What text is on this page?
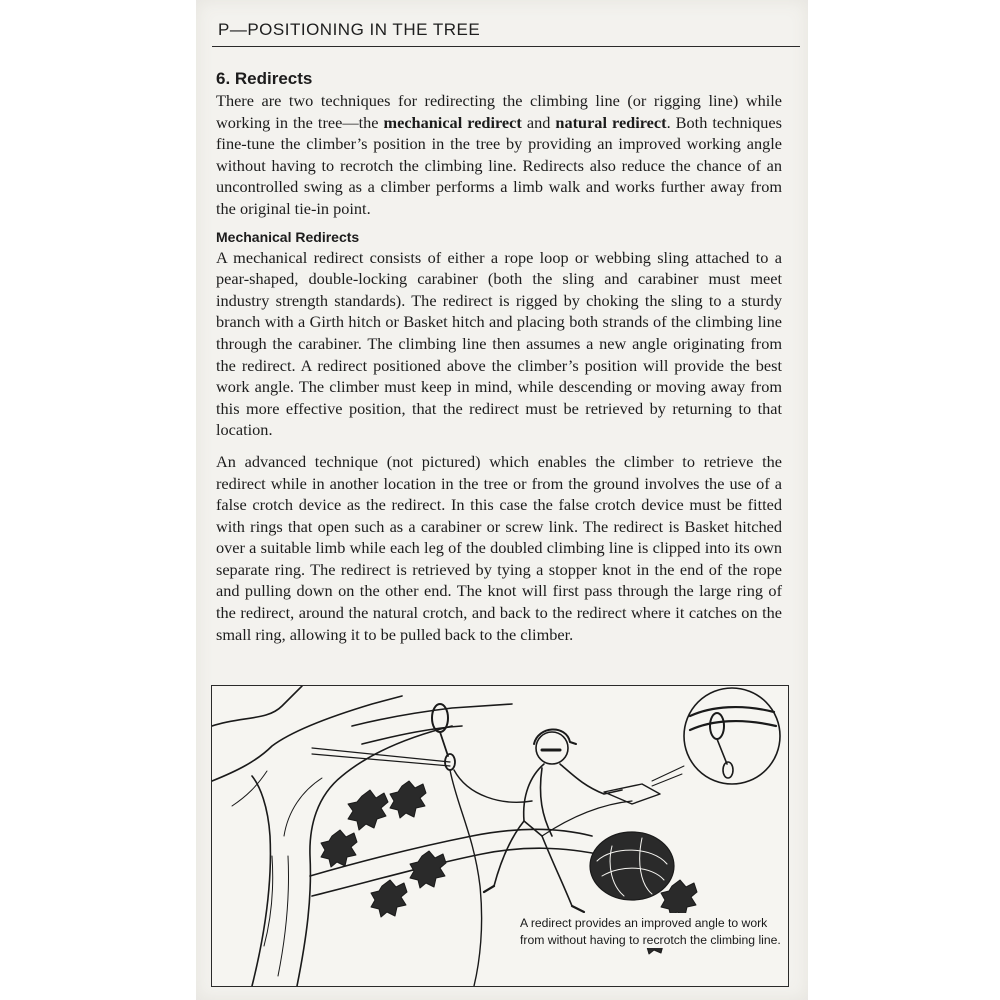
P—POSITIONING IN THE TREE
6. Redirects

There are two techniques for redirecting the climbing line (or rigging line) while working in the tree—the mechanical redirect and natural redirect. Both techniques fine-tune the climber’s position in the tree by providing an improved working angle without having to recrotch the climbing line. Redirects also reduce the chance of an uncontrolled swing as a climber performs a limb walk and works further away from the original tie-in point.

Mechanical Redirects

A mechanical redirect consists of either a rope loop or webbing sling attached to a pear-shaped, double-locking carabiner (both the sling and carabiner must meet industry strength standards). The redirect is rigged by choking the sling to a sturdy branch with a Girth hitch or Basket hitch and placing both strands of the climbing line through the carabiner. The climbing line then assumes a new angle originating from the redirect. A redirect positioned above the climber’s position will provide the best work angle. The climber must keep in mind, while descending or moving away from this more effective position, that the redirect must be retrieved by returning to that location.

An advanced technique (not pictured) which enables the climber to retrieve the redirect while in another location in the tree or from the ground involves the use of a false crotch device as the redirect. In this case the false crotch device must be fitted with rings that open such as a carabiner or screw link. The redirect is Basket hitched over a suitable limb while each leg of the doubled climbing line is clipped into its own separate ring. The redirect is retrieved by tying a stopper knot in the end of the rope and pulling down on the other end. The knot will first pass through the large ring of the redirect, around the natural crotch, and back to the redirect where it catches on the small ring, allowing it to be pulled back to the climber.

A redirect provides an improved angle to work from without having to recrotch the climbing line.
